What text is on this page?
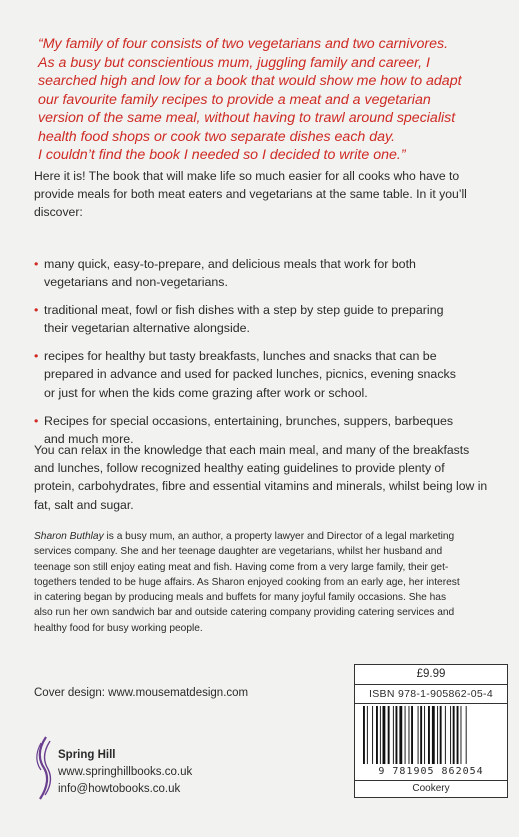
“My family of four consists of two vegetarians and two carnivores.
As a busy but conscientious mum, juggling family and career, I
searched high and low for a book that would show me how to adapt
our favourite family recipes to provide a meat and a vegetarian
version of the same meal, without having to trawl around specialist
health food shops or cook two separate dishes each day.
I couldn’t find the book I needed so I decided to write one.”
Here it is! The book that will make life so much easier for all cooks who have to
provide meals for both meat eaters and vegetarians at the same table. In it you’ll
discover:
• many quick, easy-to-prepare, and delicious meals that work for both
vegetarians and non-vegetarians.
• traditional meat, fowl or fish dishes with a step by step guide to preparing
their vegetarian alternative alongside.
• recipes for healthy but tasty breakfasts, lunches and snacks that can be
prepared in advance and used for packed lunches, picnics, evening snacks
or just for when the kids come grazing after work or school.
• Recipes for special occasions, entertaining, brunches, suppers, barbeques
and much more.
You can relax in the knowledge that each main meal, and many of the breakfasts
and lunches, follow recognized healthy eating guidelines to provide plenty of
protein, carbohydrates, fibre and essential vitamins and minerals, whilst being low in
fat, salt and sugar.
Sharon Buthlay is a busy mum, an author, a property lawyer and Director of a legal marketing
services company. She and her teenage daughter are vegetarians, whilst her husband and
teenage son still enjoy eating meat and fish. Having come from a very large family, their get-
togethers tended to be huge affairs. As Sharon enjoyed cooking from an early age, her interest
in catering began by producing meals and buffets for many joyful family occasions. She has
also run her own sandwich bar and outside catering company providing catering services and
healthy food for busy working people.
Cover design: www.mousematdesign.com
Spring Hill
www.springhillbooks.co.uk
info@howtobooks.co.uk
£9.99
ISBN 978-1-905862-05-4
9 781905 862054
Cookery
